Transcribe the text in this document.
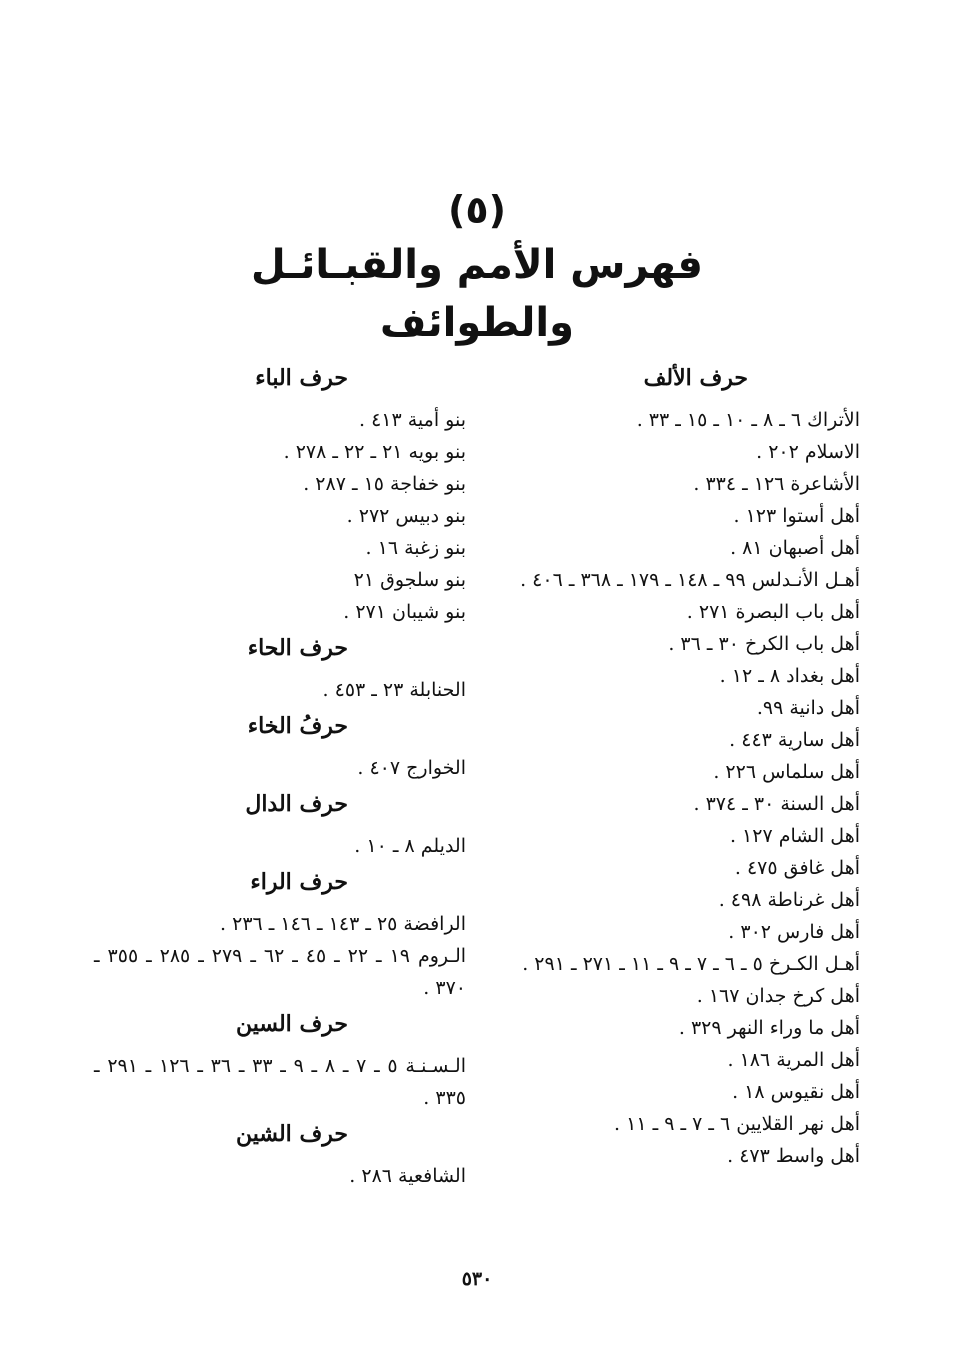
(٥)
فهرس الأمم والقبـائـل
والطوائف
حرف الألف
الأتراك ٦ ـ ٨ ـ ١٠ ـ ١٥ ـ ٣٣ .
الاسلام ٢٠٢ .
الأشاعرة ١٢٦ ـ ٣٣٤ .
أهل أستوا ١٢٣ .
أهل أصبهان ٨١ .
أهـل الأنـدلس ٩٩ ـ ١٤٨ ـ ١٧٩ ـ ٣٦٨ ـ ٤٠٦ .
أهل باب البصرة ٢٧١ .
أهل باب الكرخ ٣٠ ـ ٣٦ .
أهل بغداد ٨ ـ ١٢ .
أهل دانية ٩٩.
أهل سارية ٤٤٣ .
أهل سلماس ٢٢٦ .
أهل السنة ٣٠ ـ ٣٧٤ .
أهل الشام ١٢٧ .
أهل غافق ٤٧٥ .
أهل غرناطة ٤٩٨ .
أهل فارس ٣٠٢ .
أهـل الكـرخ ٥ ـ ٦ ـ ٧ ـ ٩ ـ ١١ ـ ٢٧١ ـ ٢٩١ .
أهل كرخ جدان ١٦٧ .
أهل ما وراء النهر ٣٢٩ .
أهل المرية ١٨٦ .
أهل نقيوس ١٨ .
أهل نهر القلايين ٦ ـ ٧ ـ ٩ ـ ١١ .
أهل واسط ٤٧٣ .
حرف الباء
بنو أمية ٤١٣ .
بنو بويه ٢١ ـ ٢٢ ـ ٢٧٨ .
بنو خفاجة ١٥ ـ ٢٨٧ .
بنو دبيس ٢٧٢ .
بنو زغبة ١٦ .
بنو سلجوق ٢١
بنو شيبان ٢٧١ .
حرف الحاء
الحنابلة ٢٣ ـ ٤٥٣ .
حرفُ الخاء
الخوارج ٤٠٧ .
حرف الدال
الديلم ٨ ـ ١٠ .
حرف الراء
الرافضة ٢٥ ـ ١٤٣ ـ ١٤٦ ـ ٢٣٦ .
الـروم ١٩ ـ ٢٢ ـ ٤٥ ـ ٦٢ ـ ٢٧٩ ـ ٢٨٥ ـ ٣٥٥ ـ ٣٧٠ .
حرف السين
الـسـنـة ٥ ـ ٧ ـ ٨ ـ ٩ ـ ٣٣ ـ ٣٦ ـ ١٢٦ ـ ٢٩١ ـ ٣٣٥ .
حرف الشين
الشافعية ٢٨٦ .
٥٣٠
